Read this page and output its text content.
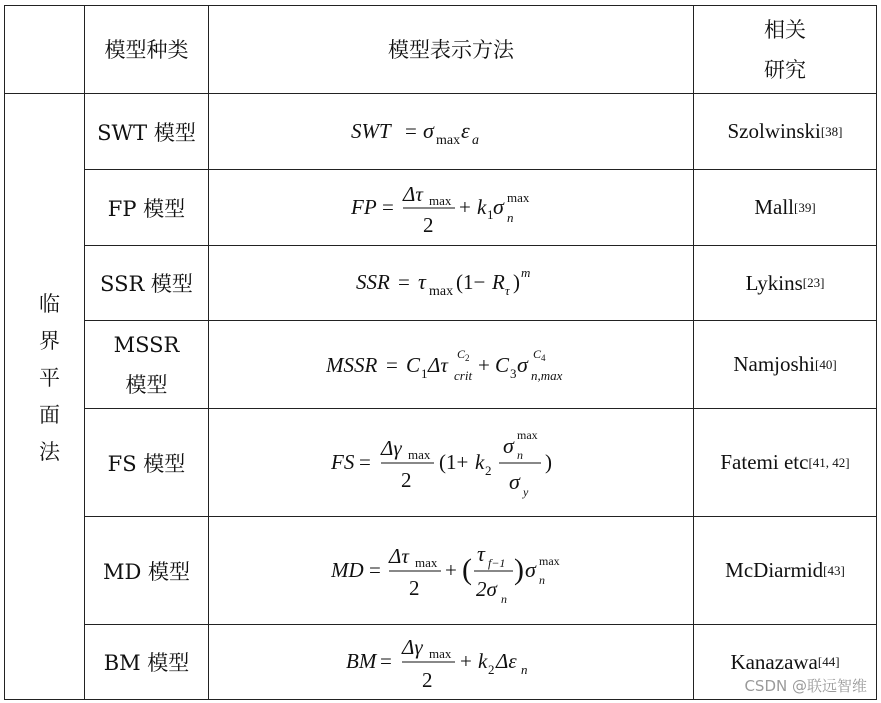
模型种类	模型表示方法
相关
研究
临界
平面
法
SWT 模型
FP 模型
SSR 模型
MSSR
模型
FS 模型
MD 模型
BM 模型
Szolwinski [38]
Mall [39]
Lykins [23]
Namjoshi [40]
Fatemi etc [41, 42]
McDiarmid [43]
Kanazawa [44]
SWT = σ max ε a
FP =
Δτ max
2
+ k 1 σ n
max
SSR = τ max (1− R τ ) m
MSSR = C 1 Δτ crit
C 2 + C 3 σ n,max
C 4
FS =
Δγ max
2
(1+ k 2
σ n
max
σ y
)
MD =
Δτ max
2
+ ( τ f−1
2σ n
) σ n
max
BM =
Δγ max
2
+ k 2 Δε n
CSDN @联远智维
